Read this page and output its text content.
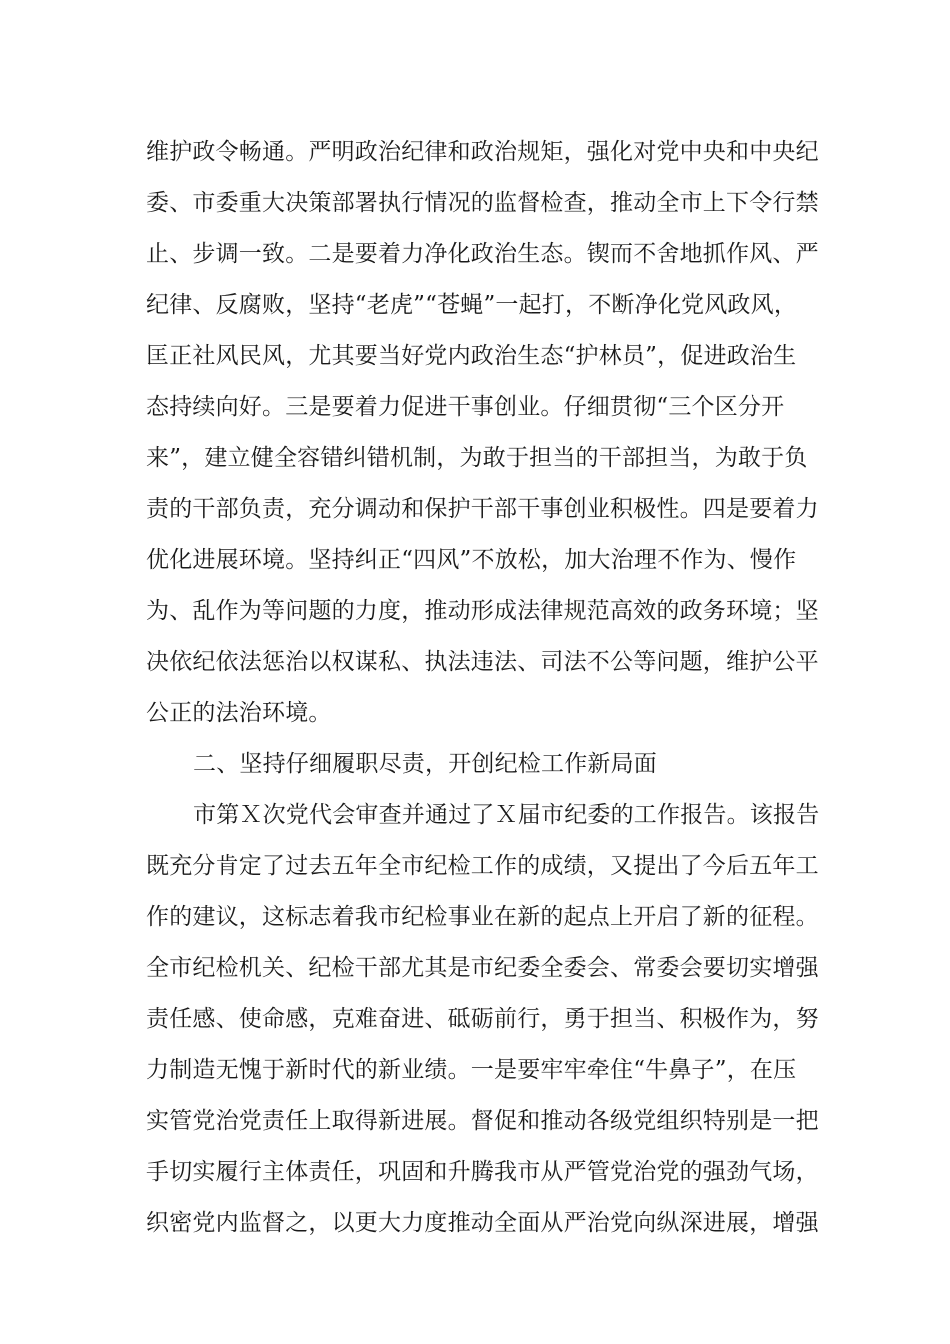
维护政令畅通。严明政治纪律和政治规矩，强化对党中央和中央纪
委、市委重大决策部署执行情况的监督检查，推动全市上下令行禁
止、步调一致。二是要着力净化政治生态。锲而不舍地抓作风、严
纪律、反腐败，坚持“老虎”“苍蝇”一起打，不断净化党风政风，
匡正社风民风，尤其要当好党内政治生态“护林员”，促进政治生
态持续向好。三是要着力促进干事创业。仔细贯彻“三个区分开
来”，建立健全容错纠错机制，为敢于担当的干部担当，为敢于负
责的干部负责，充分调动和保护干部干事创业积极性。四是要着力
优化进展环境。坚持纠正“四风”不放松，加大治理不作为、慢作
为、乱作为等问题的力度，推动形成法律规范高效的政务环境；坚
决依纪依法惩治以权谋私、执法违法、司法不公等问题，维护公平
公正的法治环境。
二、坚持仔细履职尽责，开创纪检工作新局面
市第Ｘ次党代会审查并通过了Ｘ届市纪委的工作报告。该报告
既充分肯定了过去五年全市纪检工作的成绩，又提出了今后五年工
作的建议，这标志着我市纪检事业在新的起点上开启了新的征程。
全市纪检机关、纪检干部尤其是市纪委全委会、常委会要切实增强
责任感、使命感，克难奋进、砥砺前行，勇于担当、积极作为，努
力制造无愧于新时代的新业绩。一是要牢牢牵住“牛鼻子”，在压
实管党治党责任上取得新进展。督促和推动各级党组织特别是一把
手切实履行主体责任，巩固和升腾我市从严管党治党的强劲气场，
织密党内监督之，以更大力度推动全面从严治党向纵深进展，增强
